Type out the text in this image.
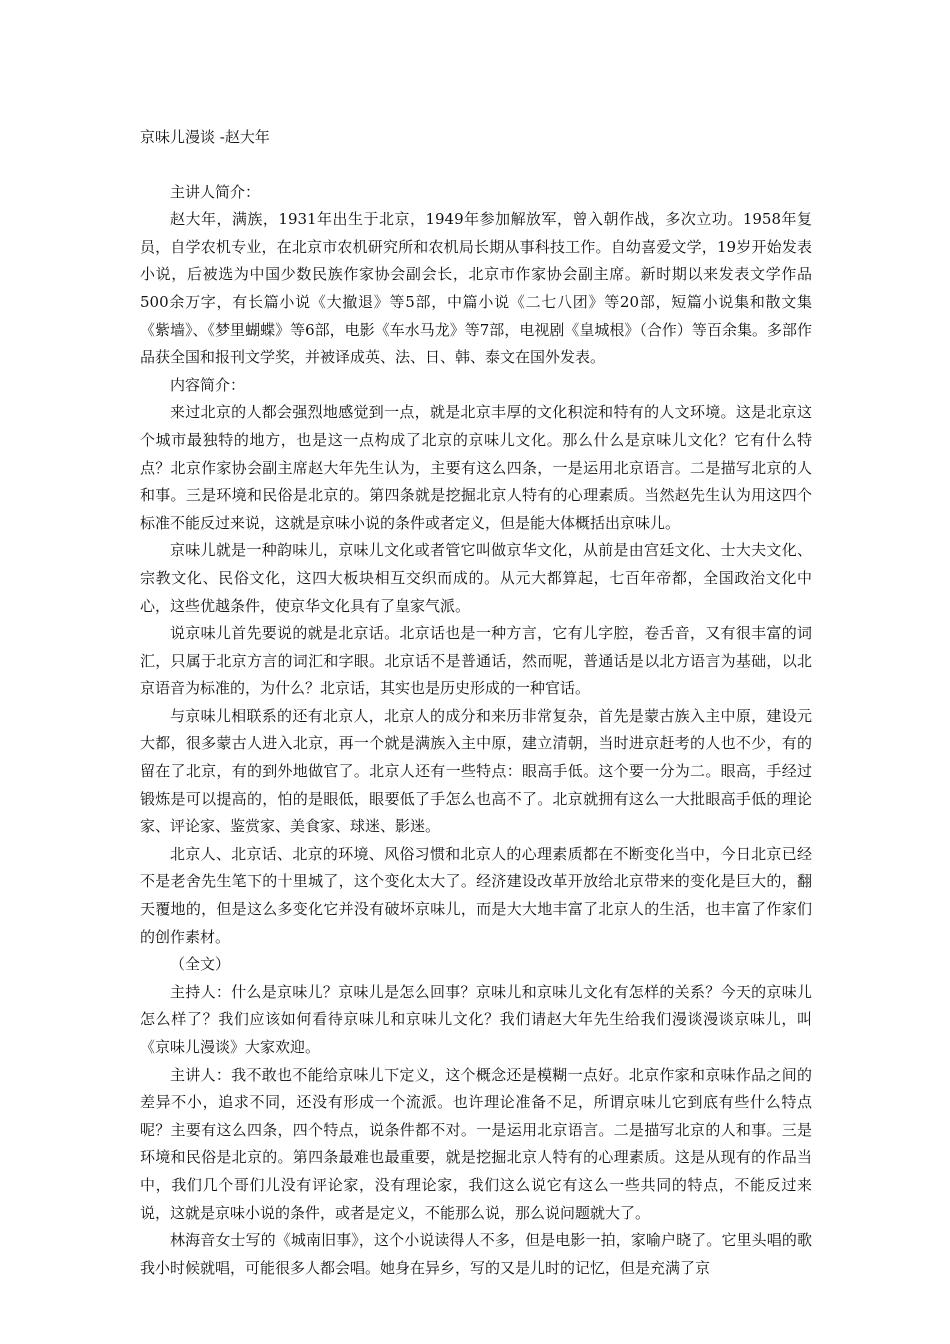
京味儿漫谈 -赵大年

主讲人简介：

赵大年，满族，1931年出生于北京，1949年参加解放军，曾入朝作战，多次立功。1958年复员，自学农机专业，在北京市农机研究所和农机局长期从事科技工作。自幼喜爱文学，19岁开始发表小说，后被选为中国少数民族作家协会副会长，北京市作家协会副主席。新时期以来发表文学作品500余万字，有长篇小说《大撤退》等5部，中篇小说《二七八团》等20部，短篇小说集和散文集《紫墙》、《梦里蝴蝶》等6部，电影《车水马龙》等7部，电视剧《皇城根》（合作）等百余集。多部作品获全国和报刊文学奖，并被译成英、法、日、韩、泰文在国外发表。

内容简介：

来过北京的人都会强烈地感觉到一点，就是北京丰厚的文化积淀和特有的人文环境。这是北京这个城市最独特的地方，也是这一点构成了北京的京味儿文化。那么什么是京味儿文化？它有什么特点？北京作家协会副主席赵大年先生认为，主要有这么四条，一是运用北京语言。二是描写北京的人和事。三是环境和民俗是北京的。第四条就是挖掘北京人特有的心理素质。当然赵先生认为用这四个标准不能反过来说，这就是京味小说的条件或者定义，但是能大体概括出京味儿。

京味儿就是一种韵味儿，京味儿文化或者管它叫做京华文化，从前是由宫廷文化、士大夫文化、宗教文化、民俗文化，这四大板块相互交织而成的。从元大都算起，七百年帝都，全国政治文化中心，这些优越条件，使京华文化具有了皇家气派。

说京味儿首先要说的就是北京话。北京话也是一种方言，它有儿字腔，卷舌音，又有很丰富的词汇，只属于北京方言的词汇和字眼。北京话不是普通话，然而呢，普通话是以北方语言为基础，以北京语音为标准的，为什么？北京话，其实也是历史形成的一种官话。

与京味儿相联系的还有北京人，北京人的成分和来历非常复杂，首先是蒙古族入主中原，建设元大都，很多蒙古人进入北京，再一个就是满族入主中原，建立清朝，当时进京赶考的人也不少，有的留在了北京，有的到外地做官了。北京人还有一些特点：眼高手低。这个要一分为二。眼高，手经过锻炼是可以提高的，怕的是眼低，眼要低了手怎么也高不了。北京就拥有这么一大批眼高手低的理论家、评论家、鉴赏家、美食家、球迷、影迷。

北京人、北京话、北京的环境、风俗习惯和北京人的心理素质都在不断变化当中，今日北京已经不是老舍先生笔下的十里城了，这个变化太大了。经济建设改革开放给北京带来的变化是巨大的，翻天覆地的，但是这么多变化它并没有破坏京味儿，而是大大地丰富了北京人的生活，也丰富了作家们的创作素材。

（全文）

主持人：什么是京味儿？京味儿是怎么回事？京味儿和京味儿文化有怎样的关系？今天的京味儿怎么样了？我们应该如何看待京味儿和京味儿文化？我们请赵大年先生给我们漫谈漫谈京味儿，叫《京味儿漫谈》大家欢迎。

主讲人：我不敢也不能给京味儿下定义，这个概念还是模糊一点好。北京作家和京味作品之间的差异不小，追求不同，还没有形成一个流派。也许理论准备不足，所谓京味儿它到底有些什么特点呢？主要有这么四条，四个特点，说条件都不对。一是运用北京语言。二是描写北京的人和事。三是环境和民俗是北京的。第四条最难也最重要，就是挖掘北京人特有的心理素质。这是从现有的作品当中，我们几个哥们儿没有评论家，没有理论家，我们这么说它有这么一些共同的特点，不能反过来说，这就是京味小说的条件，或者是定义，不能那么说，那么说问题就大了。

林海音女士写的《城南旧事》，这个小说读得人不多，但是电影一拍，家喻户晓了。它里头唱的歌我小时候就唱，可能很多人都会唱。她身在异乡，写的又是儿时的记忆，但是充满了京
